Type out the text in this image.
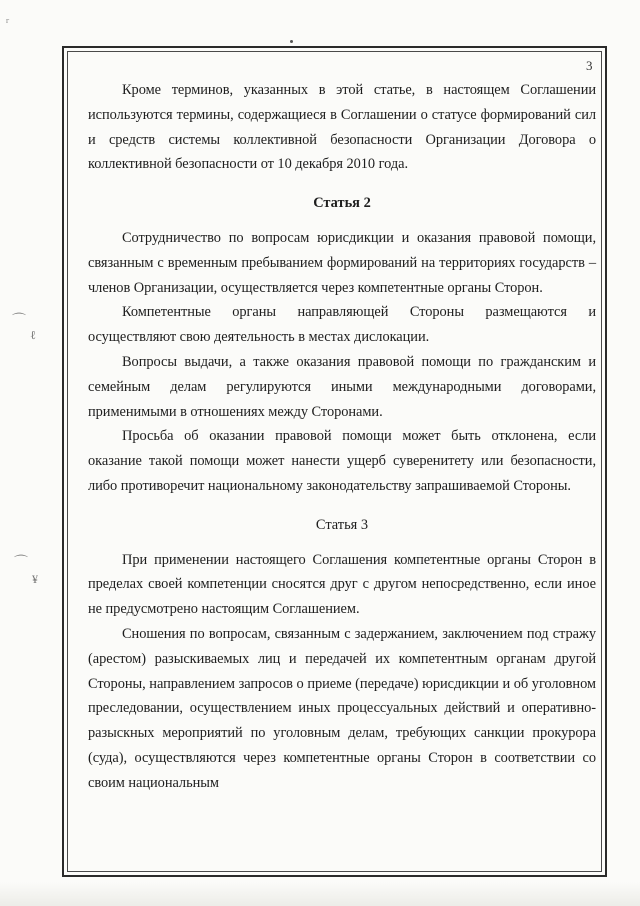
г
⌒
ℓ
⌒
¥
3

Кроме терминов, указанных в этой статье, в настоящем Соглашении используются термины, содержащиеся в Соглашении о статусе формирований сил и средств системы коллективной безопасности Организации Договора о коллективной безопасности от 10 декабря 2010 года.

Статья 2

Сотрудничество по вопросам юрисдикции и оказания правовой помощи, связанным с временным пребыванием формирований на территориях государств – членов Организации, осуществляется через компетентные органы Сторон.

Компетентные органы направляющей Стороны размещаются и осуществляют свою деятельность в местах дислокации.

Вопросы выдачи, а также оказания правовой помощи по гражданским и семейным делам регулируются иными международными договорами, применимыми в отношениях между Сторонами.

Просьба об оказании правовой помощи может быть отклонена, если оказание такой помощи может нанести ущерб суверенитету или безопасности, либо противоречит национальному законодательству запрашиваемой Стороны.

Статья 3

При применении настоящего Соглашения компетентные органы Сторон в пределах своей компетенции сносятся друг с другом непосредственно, если иное не предусмотрено настоящим Соглашением.

Сношения по вопросам, связанным с задержанием, заключением под стражу (арестом) разыскиваемых лиц и передачей их компетентным органам другой Стороны, направлением запросов о приеме (передаче) юрисдикции и об уголовном преследовании, осуществлением иных процессуальных действий и оперативно-разыскных мероприятий по уголовным делам, требующих санкции прокурора (суда), осуществляются через компетентные органы Сторон в соответствии со своим национальным
